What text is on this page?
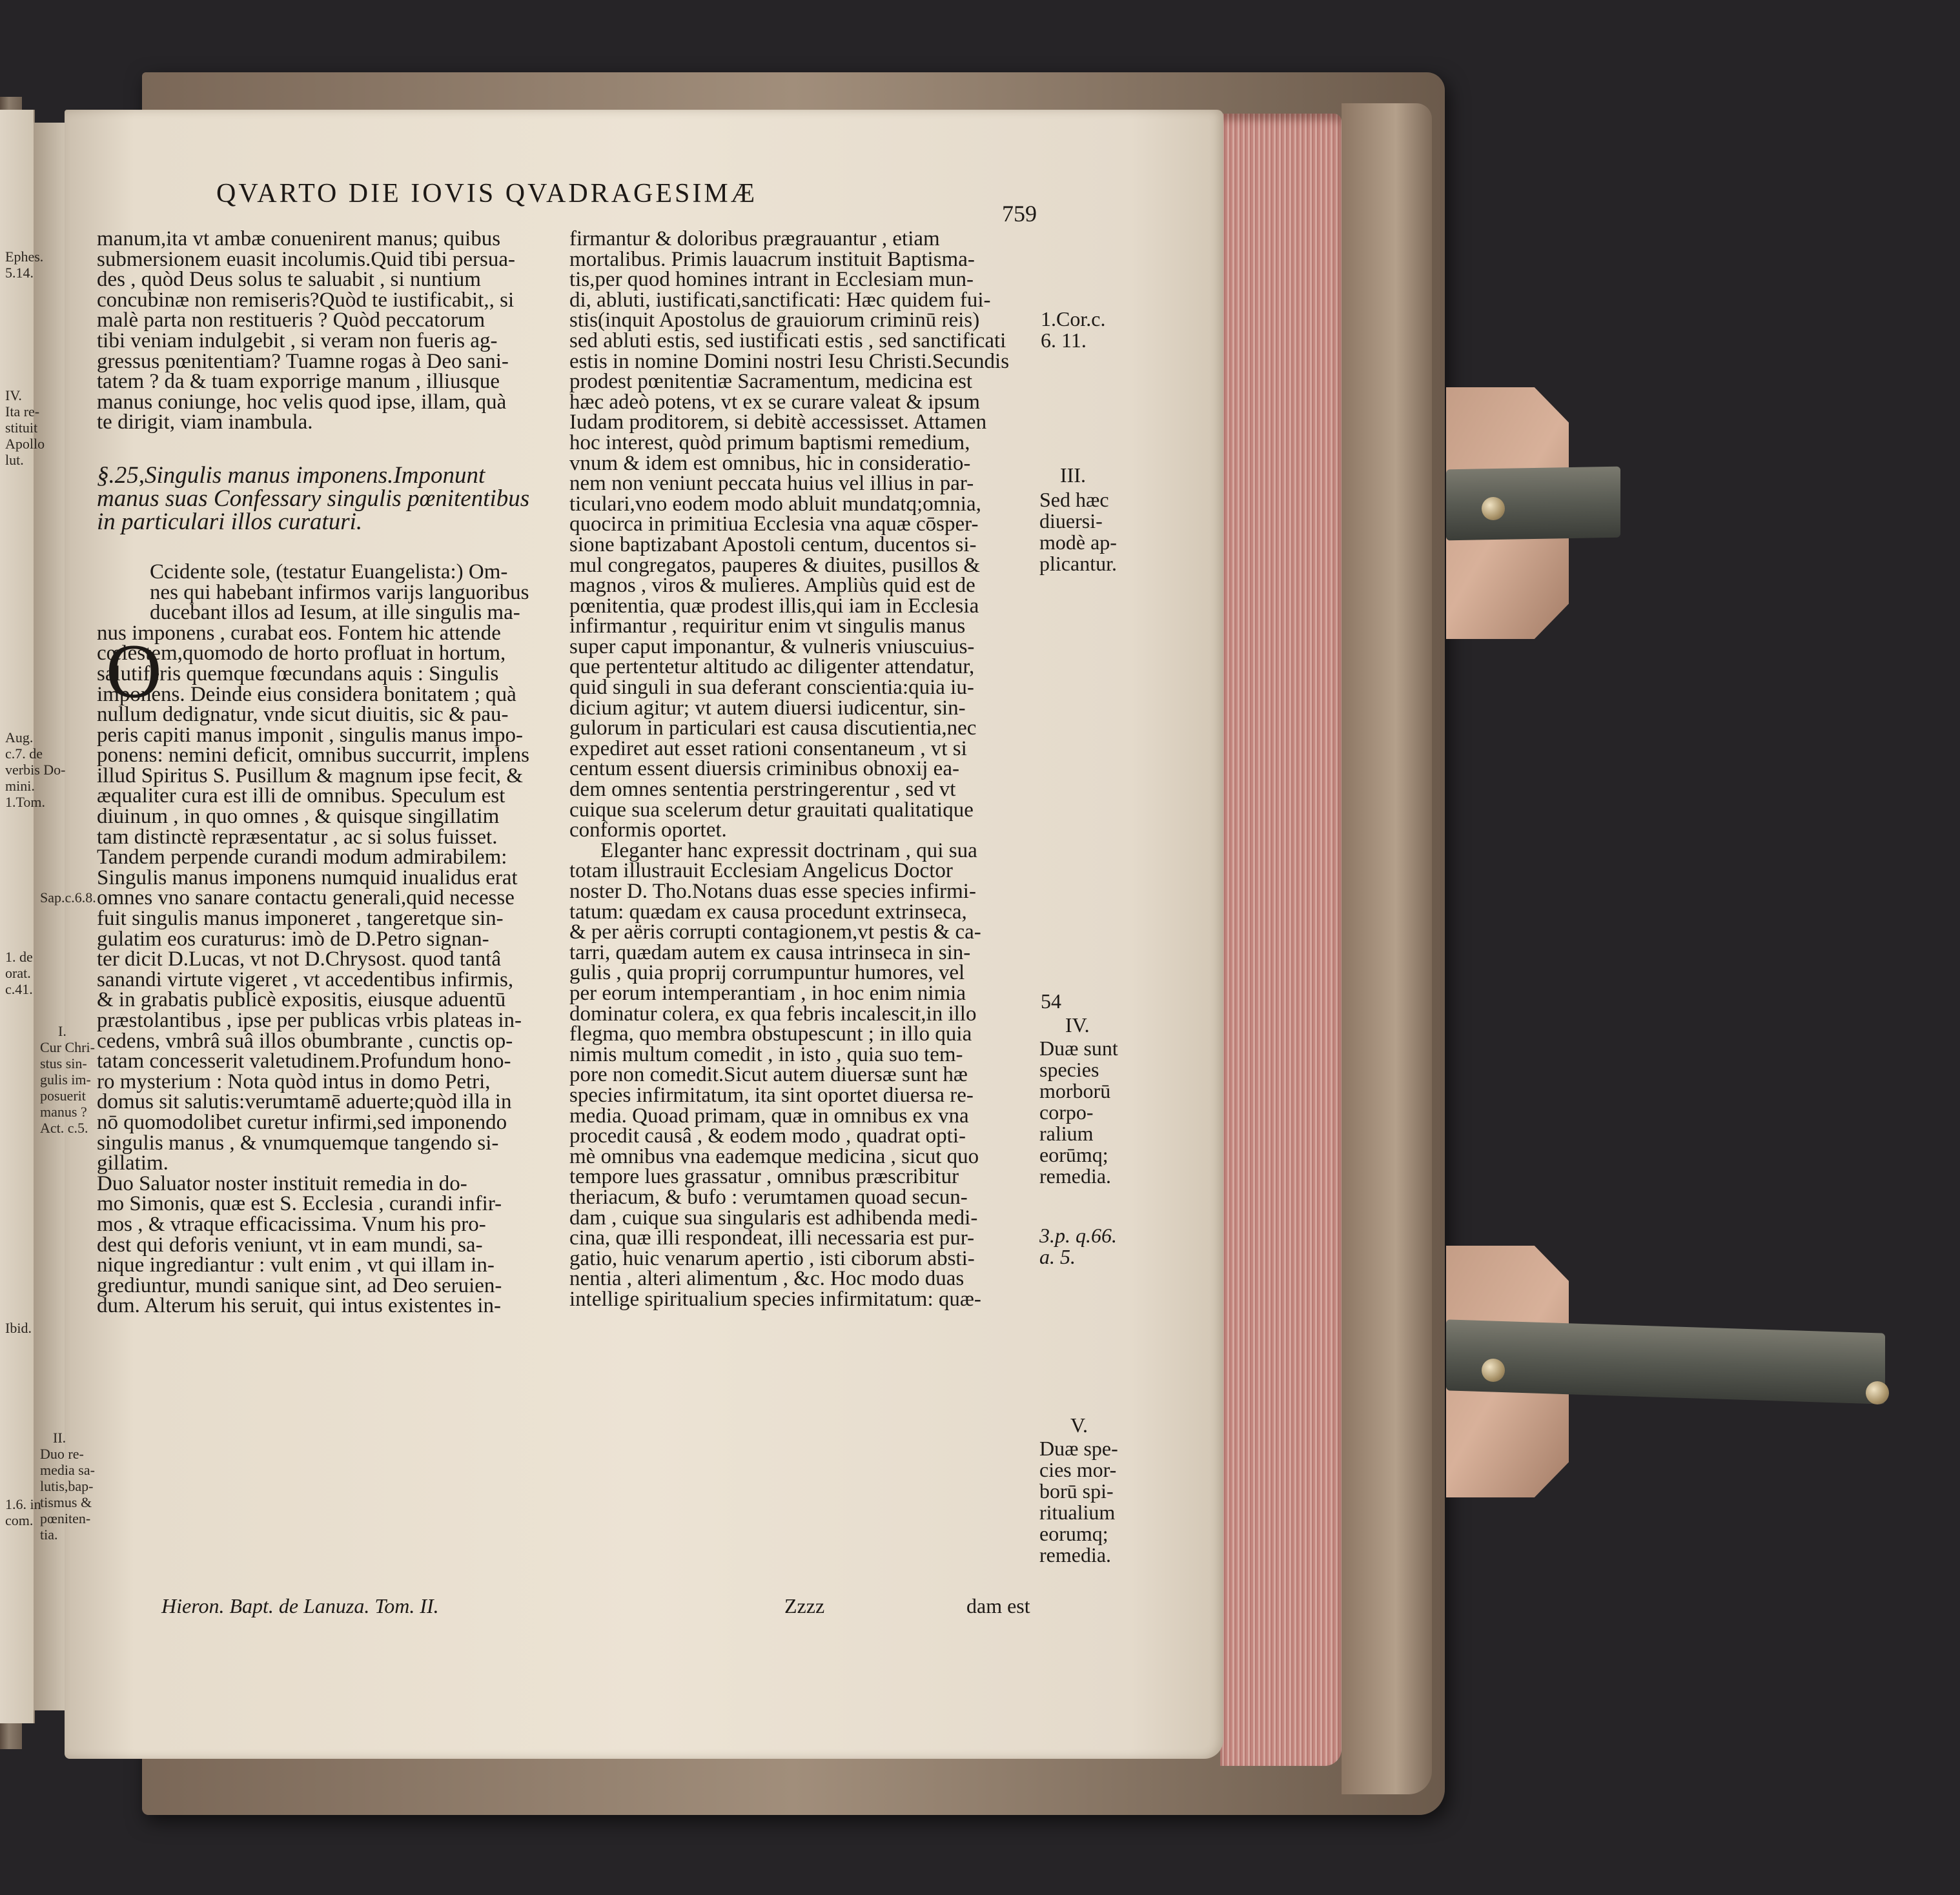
QVARTO DIE IOVIS QVADRAGESIMÆ
759

manum,ita vt ambæ conuenirent manus; quibus

submersionem euasit incolumis.Quid tibi persua-

des , quòd Deus solus te saluabit , si nuntium

concubinæ non remiseris?Quòd te iustificabit,, si

malè parta non restitueris ? Quòd peccatorum

tibi veniam indulgebit , si veram non fueris ag-

gressus pœnitentiam? Tuamne rogas à Deo sani-

tatem ? da & tuam exporrige manum , illiusque

manus coniunge, hoc velis quod ipse, illam, quà

te dirigit, viam inambula.

§.25,Singulis manus imponens.Imponunt

manus suas Confessary singulis pœnitentibus

in particulari illos curaturi.

Ccidente sole, (testatur Euangelista:) Om-

nes qui habebant infirmos varijs languoribus

ducebant illos ad Iesum, at ille singulis ma-

nus imponens , curabat eos. Fontem hic attende

cœlestem,quomodo de horto profluat in hortum,

salutiferis quemque fœcundans aquis : Singulis

imponens. Deinde eius considera bonitatem ; quà

nullum dedignatur, vnde sicut diuitis, sic & pau-

peris capiti manus imponit , singulis manus impo-

ponens: nemini deficit, omnibus succurrit, implens

illud Spiritus S. Pusillum & magnum ipse fecit, &

æqualiter cura est illi de omnibus. Speculum est

diuinum , in quo omnes , & quisque singillatim

tam distinctè repræsentatur , ac si solus fuisset.

Tandem perpende curandi modum admirabilem:

Singulis manus imponens numquid inualidus erat

omnes vno sanare contactu generali,quid necesse

fuit singulis manus imponeret , tangeretque sin-

gulatim eos curaturus: imò de D.Petro signan-

ter dicit D.Lucas, vt not D.Chrysost. quod tantâ

sanandi virtute vigeret , vt accedentibus infirmis,

& in grabatis publicè expositis, eiusque aduentū

præstolantibus , ipse per publicas vrbis plateas in-

cedens, vmbrâ suâ illos obumbrante , cunctis op-

tatam concesserit valetudinem.Profundum hono-

ro mysterium : Nota quòd intus in domo Petri,

domus sit salutis:verumtamē aduerte;quòd illa in

nō quomodolibet curetur infirmi,sed imponendo

singulis manus , & vnumquemque tangendo si-

gillatim.

Duo Saluator noster instituit remedia in do-

mo Simonis, quæ est S. Ecclesia , curandi infir-

mos , & vtraque efficacissima. Vnum his pro-

dest qui deforis veniunt, vt in eam mundi, sa-

nique ingrediantur : vult enim , vt qui illam in-

grediuntur, mundi sanique sint, ad Deo seruien-

dum. Alterum his seruit, qui intus existentes in-

O
Hieron. Bapt. de Lanuza. Tom. II.
Ephes.
5.14.
IV.
Ita re-
stituit
Apollo
lut.
Aug.
c.7. de
verbis Do-
mini.
1.Tom.
Sap.c.6.8.
1. de
orat.
c.41.
I.
Cur Chri-
stus sin-
gulis im-
posuerit
manus ?
Act. c.5.
Ibid.
II.
Duo re-
media sa-
lutis,bap-
tismus &
pœniten-
tia.
1.6. in
com.

firmantur & doloribus prægrauantur , etiam

mortalibus. Primis lauacrum instituit Baptisma-

tis,per quod homines intrant in Ecclesiam mun-

di, abluti, iustificati,sanctificati: Hæc quidem fui-

stis(inquit Apostolus de grauiorum criminū reis)

sed abluti estis, sed iustificati estis , sed sanctificati

estis in nomine Domini nostri Iesu Christi.Secundis

prodest pœnitentiæ Sacramentum, medicina est

hæc adeò potens, vt ex se curare valeat & ipsum

Iudam proditorem, si debitè accessisset. Attamen

hoc interest, quòd primum baptismi remedium,

vnum & idem est omnibus, hic in consideratio-

nem non veniunt peccata huius vel illius in par-

ticulari,vno eodem modo abluit mundatq;omnia,

quocirca in primitiua Ecclesia vna aquæ cōsper-

sione baptizabant Apostoli centum, ducentos si-

mul congregatos, pauperes & diuites, pusillos &

magnos , viros & mulieres. Ampliùs quid est de

pœnitentia, quæ prodest illis,qui iam in Ecclesia

infirmantur , requiritur enim vt singulis manus

super caput imponantur, & vulneris vniuscuius-

que pertentetur altitudo ac diligenter attendatur,

quid singuli in sua deferant conscientia:quia iu-

dicium agitur; vt autem diuersi iudicentur, sin-

gulorum in particulari est causa discutientia,nec

expediret aut esset rationi consentaneum , vt si

centum essent diuersis criminibus obnoxij ea-

dem omnes sententia perstringerentur , sed vt

cuique sua scelerum detur grauitati qualitatique

conformis oportet.

Eleganter hanc expressit doctrinam , qui sua

totam illustrauit Ecclesiam Angelicus Doctor

noster D. Tho.Notans duas esse species infirmi-

tatum: quædam ex causa procedunt extrinseca,

& per aëris corrupti contagionem,vt pestis & ca-

tarri, quædam autem ex causa intrinseca in sin-

gulis , quia proprij corrumpuntur humores, vel

per eorum intemperantiam , in hoc enim nimia

dominatur colera, ex qua febris incalescit,in illo

flegma, quo membra obstupescunt ; in illo quia

nimis multum comedit , in isto , quia suo tem-

pore non comedit.Sicut autem diuersæ sunt hæ

species infirmitatum, ita sint oportet diuersa re-

media. Quoad primam, quæ in omnibus ex vna

procedit causâ , & eodem modo , quadrat opti-

mè omnibus vna eademque medicina , sicut quo

tempore lues grassatur , omnibus præscribitur

theriacum, & bufo : verumtamen quoad secun-

dam , cuique sua singularis est adhibenda medi-

cina, quæ illi respondeat, illi necessaria est pur-

gatio, huic venarum apertio , isti ciborum absti-

nentia , alteri alimentum , &c. Hoc modo duas

intellige spiritualium species infirmitatum: quæ-

Zzzz	dam est
1.Cor.c.
6. 11.
III.
Sed hæc
diuersi-
modè ap-
plicantur.
54
IV.
Duæ sunt
species
morborū
corpo-
ralium
eorūmq;
remedia.
3.p. q.66.
a. 5.
V.
Duæ spe-
cies mor-
borū spi-
ritualium
eorumq;
remedia.
